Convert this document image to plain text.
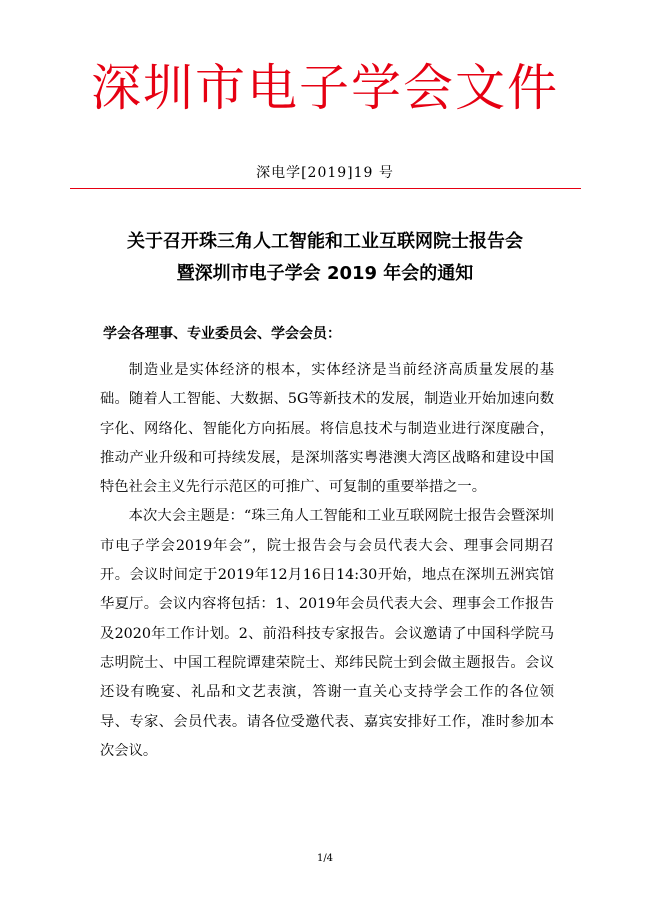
深圳市电子学会文件
深电学[2019]19 号
关于召开珠三角人工智能和工业互联网院士报告会
暨深圳市电子学会 2019 年会的通知
学会各理事、专业委员会、学会会员：

制造业是实体经济的根本，实体经济是当前经济高质量发展的基础。随着人工智能、大数据、5G等新技术的发展，制造业开始加速向数字化、网络化、智能化方向拓展。将信息技术与制造业进行深度融合，推动产业升级和可持续发展，是深圳落实粤港澳大湾区战略和建设中国特色社会主义先行示范区的可推广、可复制的重要举措之一。

本次大会主题是：“珠三角人工智能和工业互联网院士报告会暨深圳市电子学会2019年会”，院士报告会与会员代表大会、理事会同期召开。会议时间定于2019年12月16日14:30开始，地点在深圳五洲宾馆华夏厅。会议内容将包括：1、2019年会员代表大会、理事会工作报告及2020年工作计划。2、前沿科技专家报告。会议邀请了中国科学院马志明院士、中国工程院谭建荣院士、郑纬民院士到会做主题报告。会议还设有晚宴、礼品和文艺表演，答谢一直关心支持学会工作的各位领导、专家、会员代表。请各位受邀代表、嘉宾安排好工作，准时参加本次会议。

1/4
